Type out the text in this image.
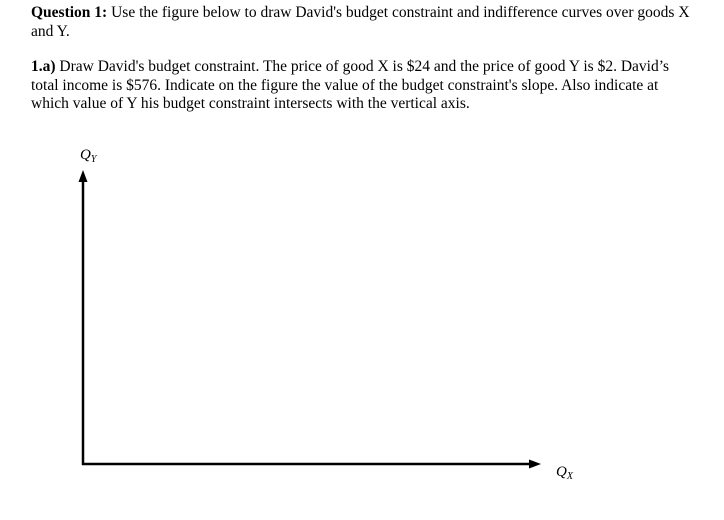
Question 1: Use the figure below to draw David's budget constraint and indifference curves over goods X and Y.

1.a) Draw David's budget constraint. The price of good X is $24 and the price of good Y is $2. David’s total income is $576. Indicate on the figure the value of the budget constraint's slope. Also indicate at which value of Y his budget constraint intersects with the vertical axis.

$Q_Y$
$Q_X$
